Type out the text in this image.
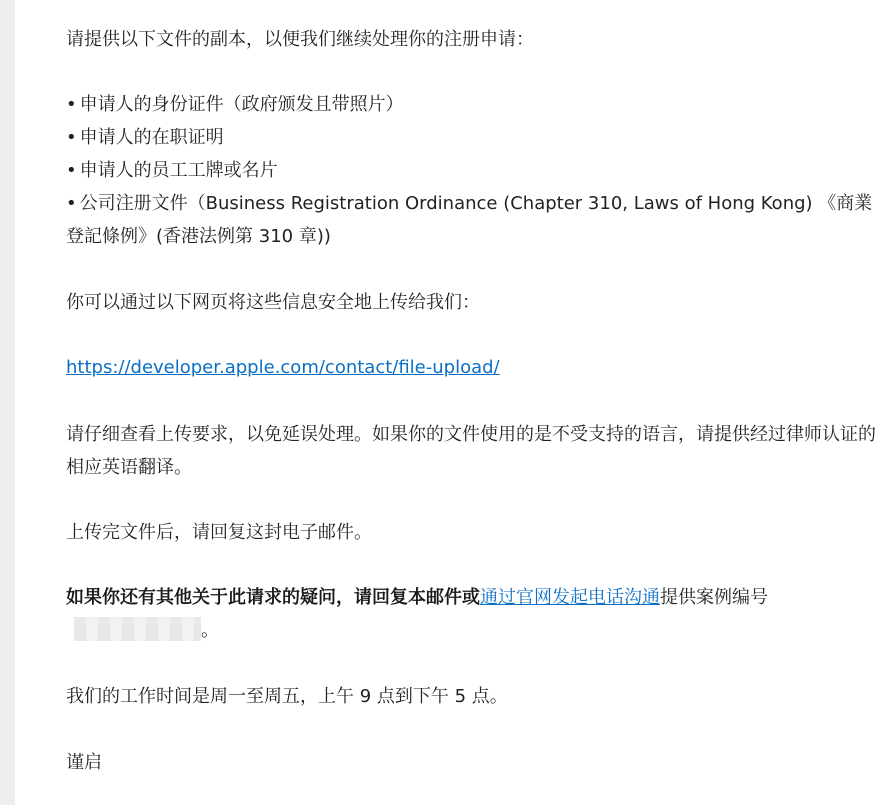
请提供以下文件的副本，以便我们继续处理你的注册申请：

• 申请人的身份证件（政府颁发且带照片）
• 申请人的在职证明
• 申请人的员工工牌或名片
• 公司注册文件（Business Registration Ordinance (Chapter 310, Laws of Hong Kong) 《商業登記條例》(香港法例第 310 章))

你可以通过以下网页将这些信息安全地上传给我们：

https://developer.apple.com/contact/file-upload/

请仔细查看上传要求，以免延误处理。如果你的文件使用的是不受支持的语言，请提供经过律师认证的相应英语翻译。

上传完文件后，请回复这封电子邮件。

如果你还有其他关于此请求的疑问，请回复本邮件或通过官网发起电话沟通提供案例编号。

我们的工作时间是周一至周五，上午 9 点到下午 5 点。

谨启
